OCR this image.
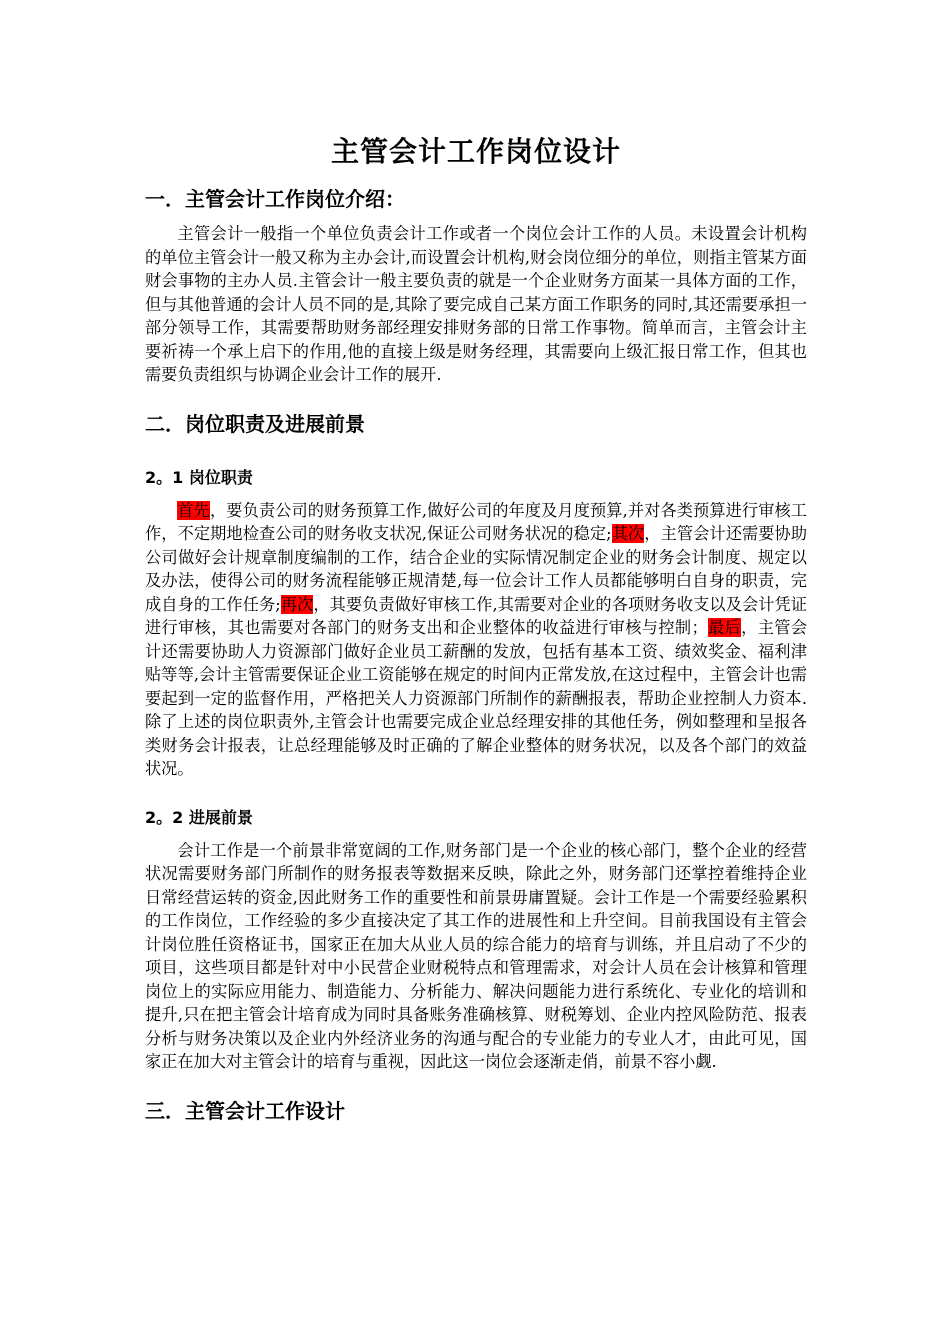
主管会计工作岗位设计
一．主管会计工作岗位介绍：

主管会计一般指一个单位负责会计工作或者一个岗位会计工作的人员。未设置会计机构的单位主管会计一般又称为主办会计,而设置会计机构,财会岗位细分的单位，则指主管某方面财会事物的主办人员.主管会计一般主要负责的就是一个企业财务方面某一具体方面的工作，但与其他普通的会计人员不同的是,其除了要完成自己某方面工作职务的同时,其还需要承担一部分领导工作，其需要帮助财务部经理安排财务部的日常工作事物。简单而言，主管会计主要祈祷一个承上启下的作用,他的直接上级是财务经理，其需要向上级汇报日常工作，但其也需要负责组织与协调企业会计工作的展开.

二．岗位职责及进展前景
2。1 岗位职责

首先，要负责公司的财务预算工作,做好公司的年度及月度预算,并对各类预算进行审核工作，不定期地检查公司的财务收支状况,保证公司财务状况的稳定;其次，主管会计还需要协助公司做好会计规章制度编制的工作，结合企业的实际情况制定企业的财务会计制度、规定以及办法，使得公司的财务流程能够正规清楚,每一位会计工作人员都能够明白自身的职责，完成自身的工作任务;再次，其要负责做好审核工作,其需要对企业的各项财务收支以及会计凭证进行审核，其也需要对各部门的财务支出和企业整体的收益进行审核与控制；最后，主管会计还需要协助人力资源部门做好企业员工薪酬的发放，包括有基本工资、绩效奖金、福利津贴等等,会计主管需要保证企业工资能够在规定的时间内正常发放,在这过程中，主管会计也需要起到一定的监督作用，严格把关人力资源部门所制作的薪酬报表，帮助企业控制人力资本.除了上述的岗位职责外,主管会计也需要完成企业总经理安排的其他任务，例如整理和呈报各类财务会计报表，让总经理能够及时正确的了解企业整体的财务状况，以及各个部门的效益状况。

2。2 进展前景

会计工作是一个前景非常宽阔的工作,财务部门是一个企业的核心部门，整个企业的经营状况需要财务部门所制作的财务报表等数据来反映，除此之外，财务部门还掌控着维持企业日常经营运转的资金,因此财务工作的重要性和前景毋庸置疑。会计工作是一个需要经验累积的工作岗位，工作经验的多少直接决定了其工作的进展性和上升空间。目前我国设有主管会计岗位胜任资格证书，国家正在加大从业人员的综合能力的培育与训练，并且启动了不少的项目，这些项目都是针对中小民营企业财税特点和管理需求，对会计人员在会计核算和管理岗位上的实际应用能力、制造能力、分析能力、解决问题能力进行系统化、专业化的培训和提升,只在把主管会计培育成为同时具备账务准确核算、财税筹划、企业内控风险防范、报表分析与财务决策以及企业内外经济业务的沟通与配合的专业能力的专业人才，由此可见，国家正在加大对主管会计的培育与重视，因此这一岗位会逐渐走俏，前景不容小觑.

三．主管会计工作设计
